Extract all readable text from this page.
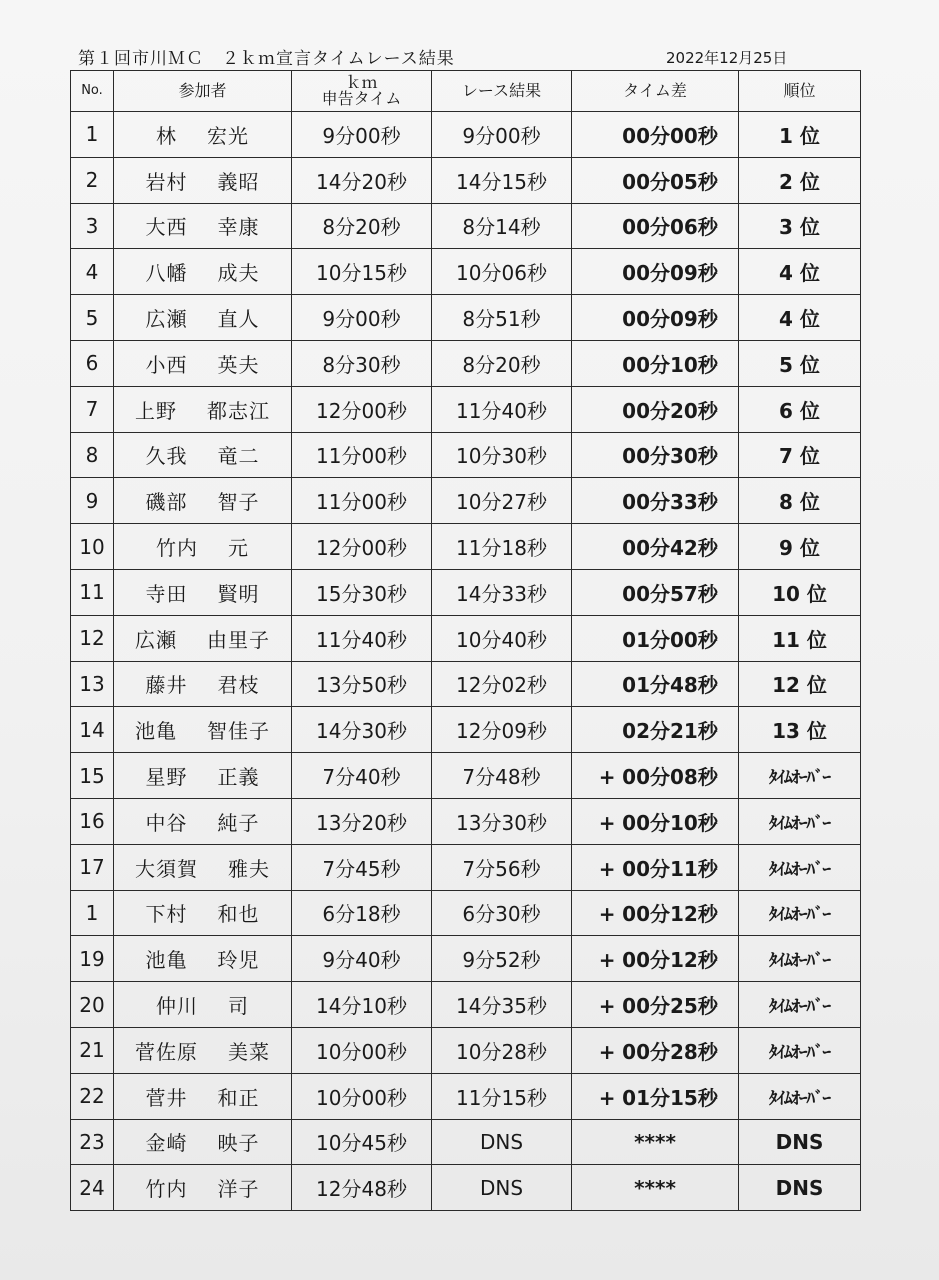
第１回市川ＭＣ　２ｋｍ宣言タイムレース結果	2022年12月25日
No.	参加者	ｋｍ
申告タイム	レース結果	タイム差	順位
1	林 宏光	9分00秒	9分00秒	00分00秒	1 位
2	岩村 義昭	14分20秒	14分15秒	00分05秒	2 位
3	大西 幸康	8分20秒	8分14秒	00分06秒	3 位
4	八幡 成夫	10分15秒	10分06秒	00分09秒	4 位
5	広瀬 直人	9分00秒	8分51秒	00分09秒	4 位
6	小西 英夫	8分30秒	8分20秒	00分10秒	5 位
7	上野 都志江	12分00秒	11分40秒	00分20秒	6 位
8	久我 竜二	11分00秒	10分30秒	00分30秒	7 位
9	磯部 智子	11分00秒	10分27秒	00分33秒	8 位
10	竹内 元	12分00秒	11分18秒	00分42秒	9 位
11	寺田 賢明	15分30秒	14分33秒	00分57秒	10 位
12	広瀬 由里子	11分40秒	10分40秒	01分00秒	11 位
13	藤井 君枝	13分50秒	12分02秒	01分48秒	12 位
14	池亀 智佳子	14分30秒	12分09秒	02分21秒	13 位
15	星野 正義	7分40秒	7分48秒	+ 00分08秒	ﾀｲﾑｵｰﾊﾞｰ
16	中谷 純子	13分20秒	13分30秒	+ 00分10秒	ﾀｲﾑｵｰﾊﾞｰ
17	大須賀 雅夫	7分45秒	7分56秒	+ 00分11秒	ﾀｲﾑｵｰﾊﾞｰ
1	下村 和也	6分18秒	6分30秒	+ 00分12秒	ﾀｲﾑｵｰﾊﾞｰ
19	池亀 玲児	9分40秒	9分52秒	+ 00分12秒	ﾀｲﾑｵｰﾊﾞｰ
20	仲川 司	14分10秒	14分35秒	+ 00分25秒	ﾀｲﾑｵｰﾊﾞｰ
21	菅佐原 美菜	10分00秒	10分28秒	+ 00分28秒	ﾀｲﾑｵｰﾊﾞｰ
22	菅井 和正	10分00秒	11分15秒	+ 01分15秒	ﾀｲﾑｵｰﾊﾞｰ
23	金崎 映子	10分45秒	DNS	****	DNS
24	竹内 洋子	12分48秒	DNS	****	DNS
